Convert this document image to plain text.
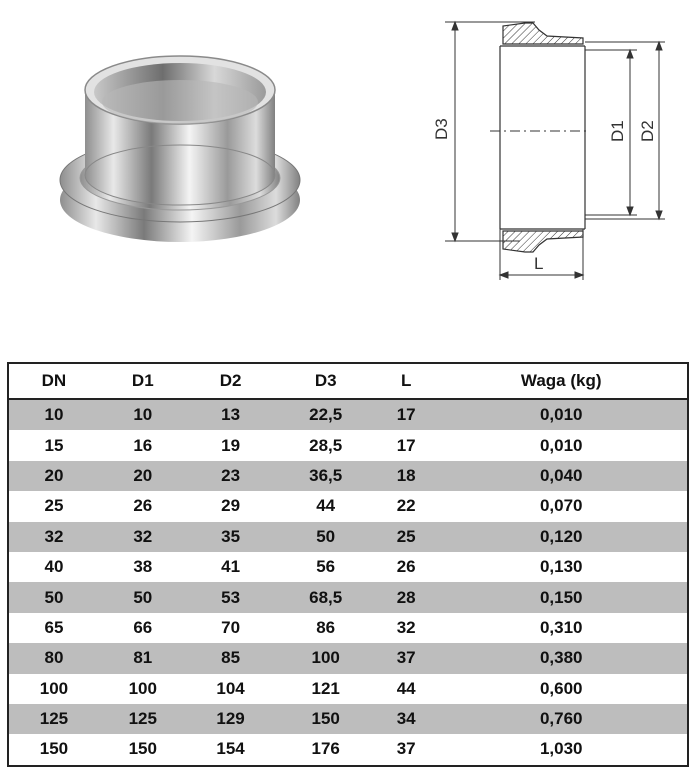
D3	D1 D2
L
DN	D1	D2	D3	L	Waga (kg)
10	10	13	22,5	17	0,010
15	16	19	28,5	17	0,010
20	20	23	36,5	18	0,040
25	26	29	44	22	0,070
32	32	35	50	25	0,120
40	38	41	56	26	0,130
50	50	53	68,5	28	0,150
65	66	70	86	32	0,310
80	81	85	100	37	0,380
100	100	104	121	44	0,600
125	125	129	150	34	0,760
150	150	154	176	37	1,030
